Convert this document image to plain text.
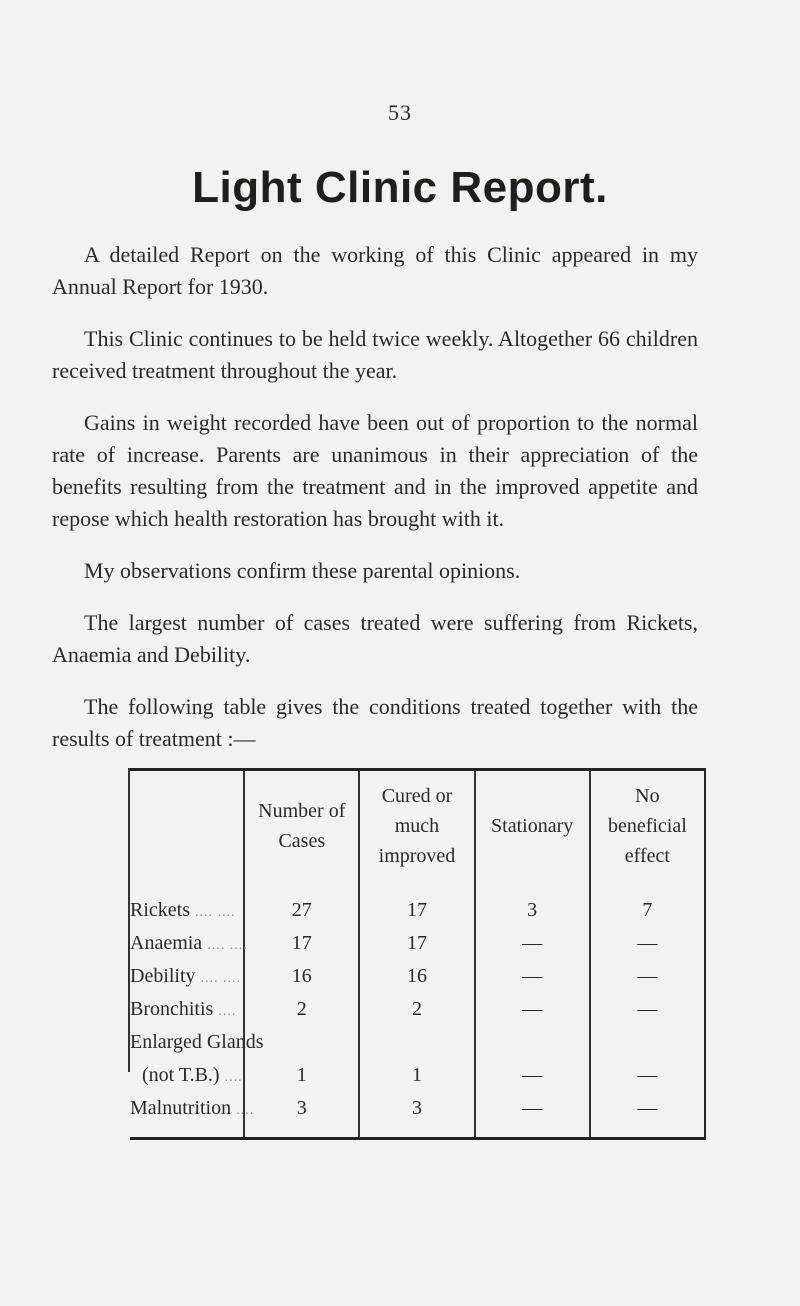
53
Light Clinic Report.

A detailed Report on the working of this Clinic appeared in my Annual Report for 1930.

This Clinic continues to be held twice weekly. Altogether 66 children received treatment throughout the year.

Gains in weight recorded have been out of proportion to the normal rate of increase. Parents are unanimous in their appreciation of the benefits resulting from the treatment and in the improved appetite and repose which health restoration has brought with it.

My observations confirm these parental opinions.

The largest number of cases treated were suffering from Rickets, Anaemia and Debility.

The following table gives the conditions treated together with the results of treatment :—

	Number of Cases	Cured or much improved	Stationary	No beneficial effect

Rickets .... ....	27	17	3	7
Anaemia .... ....	17	17	—	—
Debility .... ....	16	16	—	—
Bronchitis ....	2	2	—	—
Enlarged Glands				
(not T.B.) ....	1	1	—	—
Malnutrition ....	3	3	—	—
